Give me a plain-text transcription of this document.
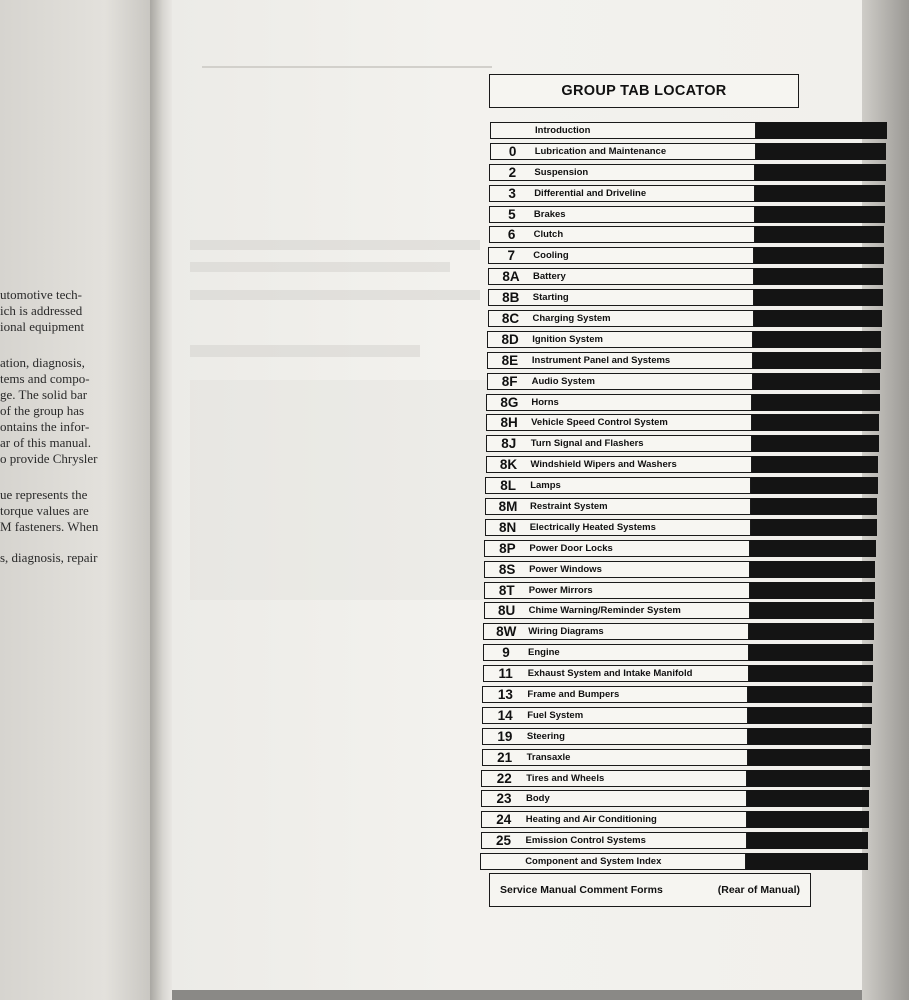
utomotive tech-
ich is addressed
ional equipment
ation, diagnosis,
tems and compo-
ge. The solid bar
of the group has
ontains the infor-
ar of this manual.
o provide Chrysler
ue represents the
torque values are
M fasteners. When
s, diagnosis, repair
GROUP TAB LOCATOR
Introduction
0	Lubrication and Maintenance
2	Suspension
3	Differential and Driveline
5	Brakes
6	Clutch
7	Cooling
8A	Battery
8B	Starting
8C	Charging System
8D	Ignition System
8E	Instrument Panel and Systems
8F	Audio System
8G	Horns
8H	Vehicle Speed Control System
8J	Turn Signal and Flashers
8K	Windshield Wipers and Washers
8L	Lamps
8M	Restraint System
8N	Electrically Heated Systems
8P	Power Door Locks
8S	Power Windows
8T	Power Mirrors
8U	Chime Warning/Reminder System
8W	Wiring Diagrams
9	Engine
11	Exhaust System and Intake Manifold
13	Frame and Bumpers
14	Fuel System
19	Steering
21	Transaxle
22	Tires and Wheels
23	Body
24	Heating and Air Conditioning
25	Emission Control Systems
Component and System Index
Service Manual Comment Forms	(Rear of Manual)
